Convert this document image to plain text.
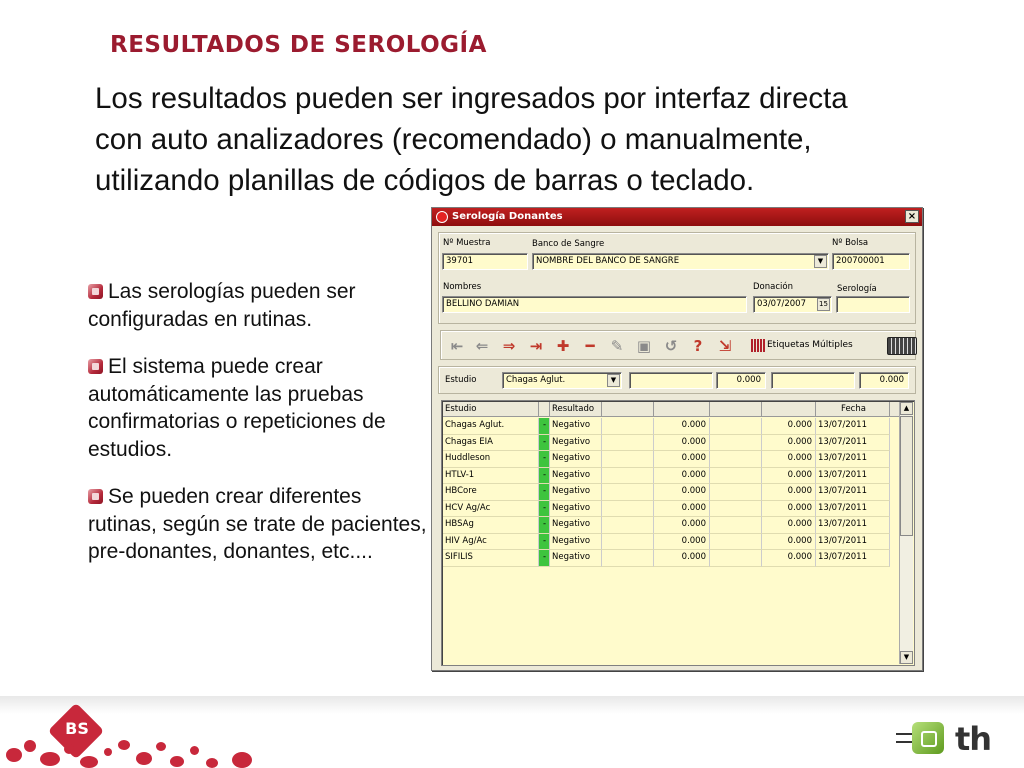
RESULTADOS DE SEROLOGÍA
Los resultados pueden ser ingresados por interfaz directa
con auto analizadores (recomendado) o manualmente,
utilizando planillas de códigos de barras o teclado.
Las serologías pueden ser configuradas en rutinas.
El sistema puede crear automáticamente las pruebas confirmatorias o repeticiones de estudios.
Se pueden crear diferentes rutinas, según se trate de pacientes, pre-donantes, donantes, etc....
Serología Donantes	×
Nº Muestra
39701
Banco de Sangre
NOMBRE DEL BANCO DE SANGRE	▼
Nº Bolsa
200700001
Nombres
BELLINO DAMIAN
Donación
03/07/2007 15
Serología
⇤ ⇐ ⇒ ⇥ ✚	━	✎ ▣ ↺	?	⇲	Etiquetas Múltiples
Estudio	Chagas Aglut.	▼	0.000	0.000
Estudio	Resultado	Fecha
Chagas Aglut.	- Negativo	0.000	0.000 13/07/2011
Chagas EIA	- Negativo	0.000	0.000 13/07/2011
Huddleson	- Negativo	0.000	0.000 13/07/2011
HTLV-1	- Negativo	0.000	0.000 13/07/2011
HBCore	- Negativo	0.000	0.000 13/07/2011
HCV Ag/Ac	- Negativo	0.000	0.000 13/07/2011
HBSAg	- Negativo	0.000	0.000 13/07/2011
HIV Ag/Ac	- Negativo	0.000	0.000 13/07/2011
SIFILIS	- Negativo	0.000	0.000 13/07/2011
▲
▼
BS	th
